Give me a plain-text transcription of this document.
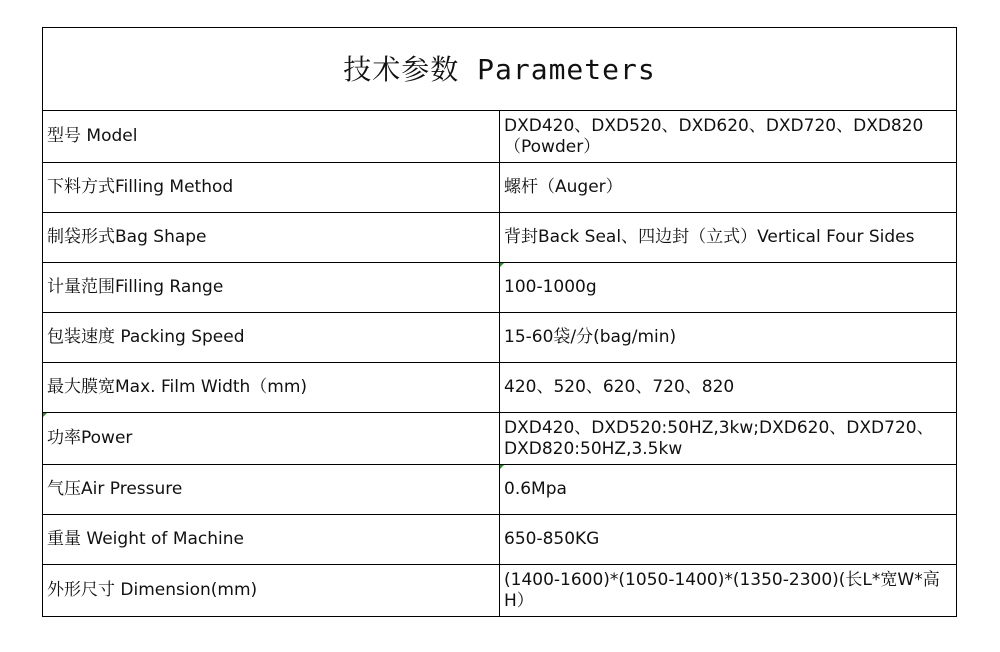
技术参数 Parameters	
型号 Model	DXD420、DXD520、DXD620、DXD720、DXD820（Powder）
下料方式Filling Method	螺杆（Auger）
制袋形式Bag Shape	背封Back Seal、四边封（立式）Vertical Four Sides
计量范围Filling Range	100-1000g
包装速度 Packing Speed	15-60袋/分(bag/min)
最大膜宽Max. Film Width（mm)	420、520、620、720、820
功率Power	DXD420、DXD520:50HZ,3kw;DXD620、DXD720、DXD820:50HZ,3.5kw
气压Air Pressure	0.6Mpa
重量 Weight of Machine	650-850KG
外形尺寸 Dimension(mm)	(1400-1600)*(1050-1400)*(1350-2300)(长L*宽W*高H）
